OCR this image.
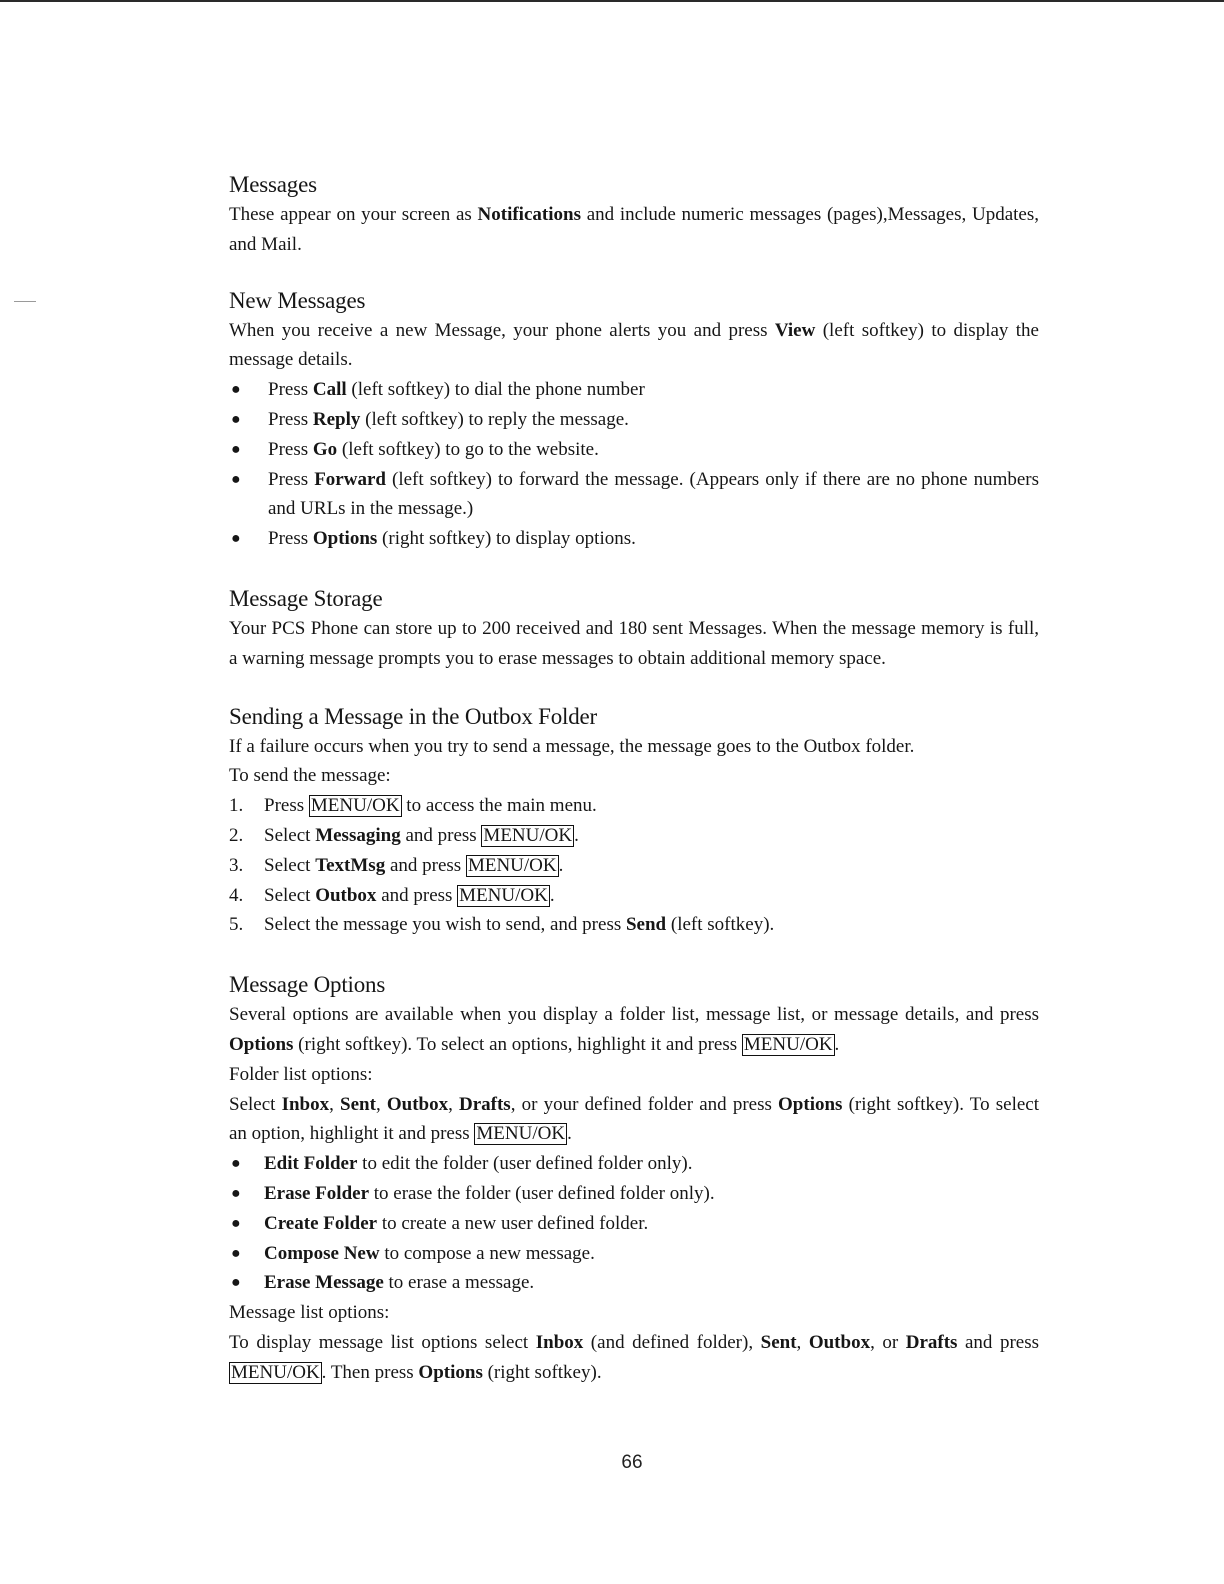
Messages

These appear on your screen as Notifications and include numeric messages (pages),Messages, Updates, and Mail.

New Messages

When you receive a new Message, your phone alerts you and press View (left softkey) to display the message details.

● Press Call (left softkey) to dial the phone number
● Press Reply (left softkey) to reply the message.
● Press Go (left softkey) to go to the website.
● Press Forward (left softkey) to forward the message. (Appears only if there are no phone numbers and URLs in the message.)
● Press Options (right softkey) to display options.
Message Storage

Your PCS Phone can store up to 200 received and 180 sent Messages. When the message memory is full, a warning message prompts you to erase messages to obtain additional memory space.

Sending a Message in the Outbox Folder

If a failure occurs when you try to send a message, the message goes to the Outbox folder.

To send the message:

1. Press MENU/OK to access the main menu.
2. Select Messaging and press MENU/OK .
3. Select TextMsg and press MENU/OK .
4. Select Outbox and press MENU/OK .
5. Select the message you wish to send, and press Send (left softkey).
Message Options

Several options are available when you display a folder list, message list, or message details, and press Options (right softkey). To select an options, highlight it and press MENU/OK .

Folder list options:

Select Inbox, Sent, Outbox, Drafts, or your defined folder and press Options (right softkey). To select an option, highlight it and press MENU/OK .

● Edit Folder to edit the folder (user defined folder only).
● Erase Folder to erase the folder (user defined folder only).
● Create Folder to create a new user defined folder.
● Compose New to compose a new message.
● Erase Message to erase a message.

Message list options:

To display message list options select Inbox (and defined folder), Sent, Outbox, or Drafts and press MENU/OK . Then press Options (right softkey).

66
